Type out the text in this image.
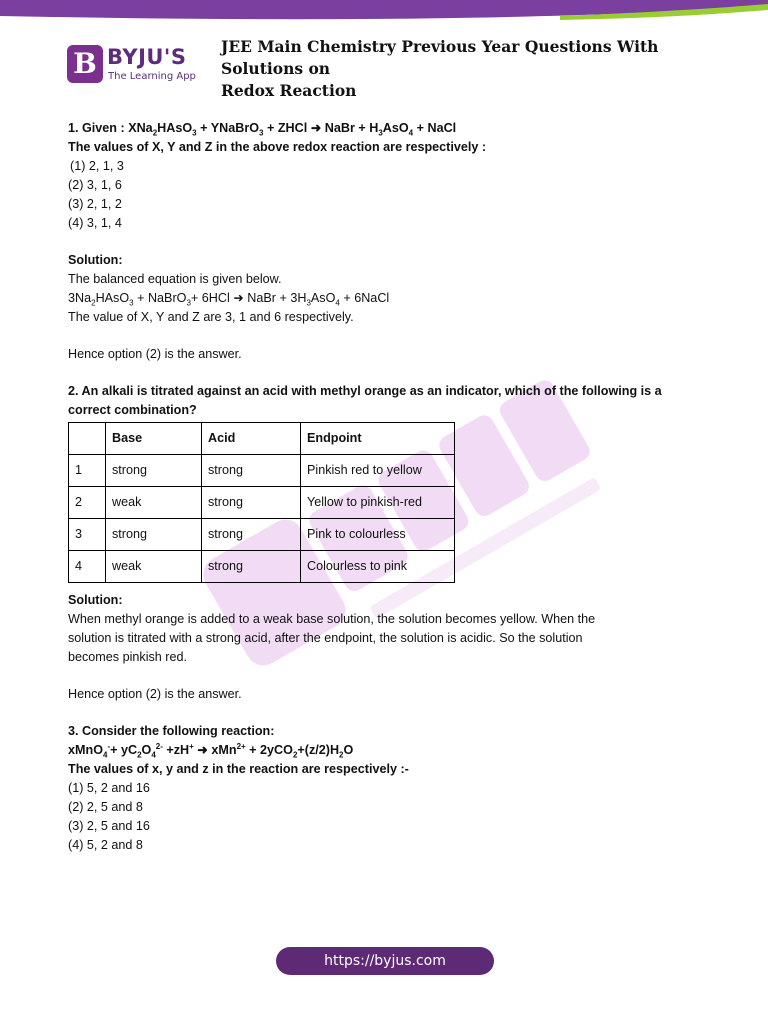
B BYJU'S
The Learning App
JEE Main Chemistry Previous Year Questions With Solutions on
Redox Reaction
1. Given : XNa$_2$HAsO$_3$ + YNaBrO$_3$ + ZHCl ➜ NaBr + $H_3AsO_4$ + NaCl
The values of X, Y and Z in the above redox reaction are respectively :
(1) 2, 1, 3
(2) 3, 1, 6
(3) 2, 1, 2
(4) 3, 1, 4
Solution:
The balanced equation is given below.
$3Na_2HAsO_3$ + NaBrO$_3$+ 6HCl ➜ NaBr + $3H_3AsO_4$ + 6NaCl
The value of X, Y and Z are 3, 1 and 6 respectively.
Hence option (2) is the answer.
2. An alkali is titrated against an acid with methyl orange as an indicator, which of the following is a
correct combination?
	Base	Acid	Endpoint
1	strong	strong	Pinkish red to yellow
2	weak	strong	Yellow to pinkish-red
3	strong	strong	Pink to colourless
4	weak	strong	Colourless to pink
Solution:
When methyl orange is added to a weak base solution, the solution becomes yellow. When the
solution is titrated with a strong acid, after the endpoint, the solution is acidic. So the solution
becomes pinkish red.
Hence option (2) is the answer.
3. Consider the following reaction:
xMnO$_4$-+ $yC_2O_4^{2-} +zH^+$ ➜ $xMn^{2+} + 2yCO_2+(z/2)H_2O$
The values of x, y and z in the reaction are respectively :-
(1) 5, 2 and 16
(2) 2, 5 and 8
(3) 2, 5 and 16
(4) 5, 2 and 8
https://byjus.com
